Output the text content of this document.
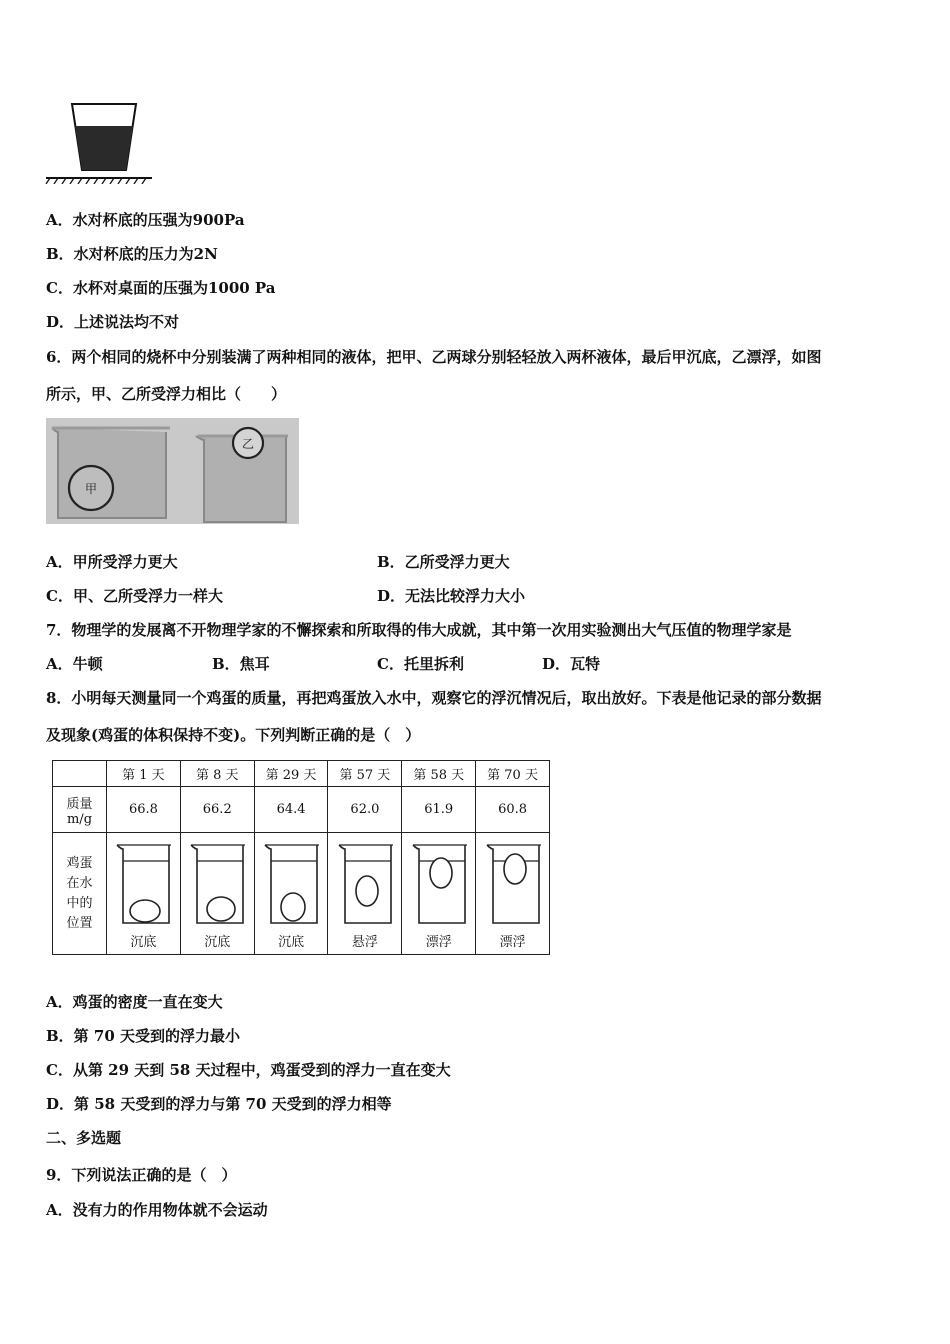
A．水对杯底的压强为900Pa
B．水对杯底的压力为2N
C．水杯对桌面的压强为1000 Pa
D．上述说法均不对
6．两个相同的烧杯中分别装满了两种相同的液体，把甲、乙两球分别轻轻放入两杯液体，最后甲沉底，乙漂浮，如图
所示，甲、乙所受浮力相比（　　）
甲
乙
A．甲所受浮力更大	B．乙所受浮力更大
C．甲、乙所受浮力一样大	D．无法比较浮力大小
7．物理学的发展离不开物理学家的不懈探索和所取得的伟大成就，其中第一次用实验测出大气压值的物理学家是
A．牛顿	B．焦耳	C．托里拆利	D．瓦特
8．小明每天测量同一个鸡蛋的质量，再把鸡蛋放入水中，观察它的浮沉情况后，取出放好。下表是他记录的部分数据
及现象(鸡蛋的体积保持不变)。下列判断正确的是（　）
	第 1 天	第 8 天	第 29 天	第 57 天	第 58 天	第 70 天

质量
m/g	66.8	66.2	64.4	62.0	61.9	60.8

鸡蛋
在水
中的
位置	沉底	沉底	沉底	悬浮	漂浮	漂浮
A．鸡蛋的密度一直在变大
B．第 70 天受到的浮力最小
C．从第 29 天到 58 天过程中，鸡蛋受到的浮力一直在变大
D．第 58 天受到的浮力与第 70 天受到的浮力相等
二、多选题
9．下列说法正确的是（　）
A．没有力的作用物体就不会运动
